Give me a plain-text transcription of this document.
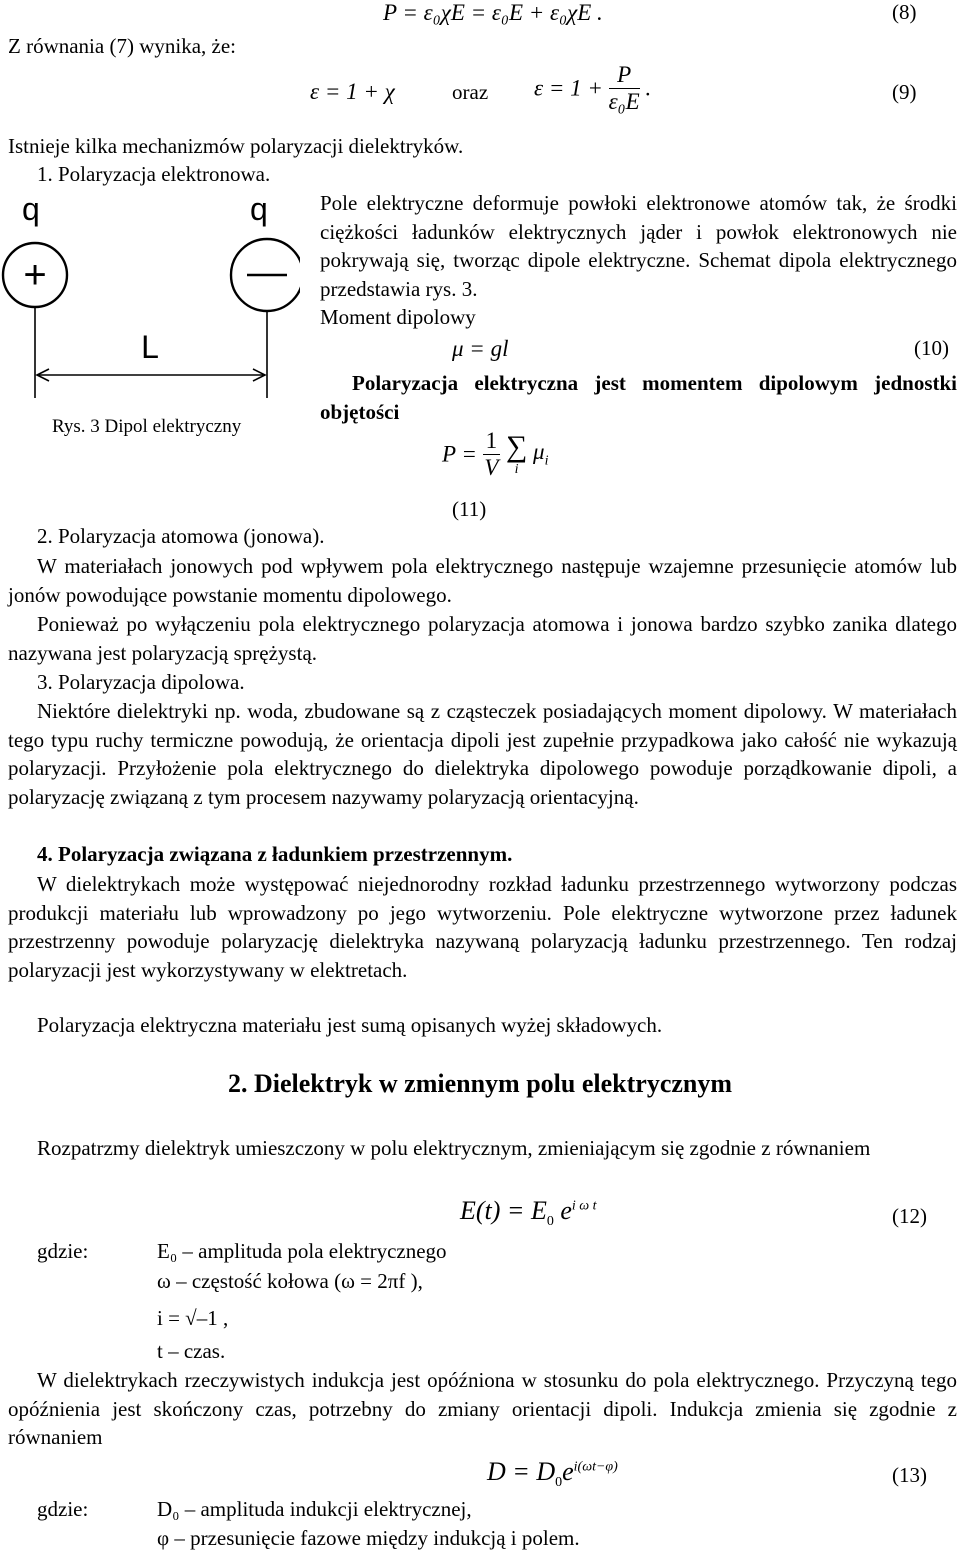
Z równania (7) wynika, że:
P = ε₀χE = ε₀E + ε₀χE .	(8)
ε = 1 + χ	oraz $\varepsilon = 1 + \frac{P}{\text{ε₀E}}$ .	(9)
Istnieje kilka mechanizmów polaryzacji dielektryków.
1. Polaryzacja elektronowa.
q	q
+
L
Rys. 3 Dipol elektryczny
Pole elektryczne deformuje powłoki elektronowe atomów tak, że środki ciężkości ładunków elektrycznych jąder i powłok elektronowych nie pokrywają się, tworząc dipole elektryczne. Schemat dipola elektrycznego przedstawia rys. 3.
Moment dipolowy
μ = gl	(10)
Polaryzacja elektryczna jest momentem dipolowym jednostki objętości
$P = \frac{1}{V}$
∑
i
$\mu_i$
(11)
2. Polaryzacja atomowa (jonowa).
W materiałach jonowych pod wpływem pola elektrycznego następuje wzajemne przesunięcie atomów lub jonów powodujące powstanie momentu dipolowego.
Ponieważ po wyłączeniu pola elektrycznego polaryzacja atomowa i jonowa bardzo szybko zanika dlatego nazywana jest polaryzacją sprężystą.
3. Polaryzacja dipolowa.
Niektóre dielektryki np. woda, zbudowane są z cząsteczek posiadających moment dipolowy. W materiałach tego typu ruchy termiczne powodują, że orientacja dipoli jest zupełnie przypadkowa jako całość nie wykazują polaryzacji. Przyłożenie pola elektrycznego do dielektryka dipolowego powoduje porządkowanie dipoli, a polaryzację związaną z tym procesem nazywamy polaryzacją orientacyjną.
4. Polaryzacja związana z ładunkiem przestrzennym.
W dielektrykach może występować niejednorodny rozkład ładunku przestrzennego wytworzony podczas produkcji materiału lub wprowadzony po jego wytworzeniu. Pole elektryczne wytworzone przez ładunek przestrzenny powoduje polaryzację dielektryka nazywaną polaryzacją ładunku przestrzennego. Ten rodzaj polaryzacji jest wykorzystywany w elektretach.
Polaryzacja elektryczna materiału jest sumą opisanych wyżej składowych.
2. Dielektryk w zmiennym polu elektrycznym
Rozpatrzmy dielektryk umieszczony w polu elektrycznym, zmieniającym się zgodnie z równaniem
$E(t) = E_0$ $e^{i \omega t}$	(12)
gdzie:	E₀ – amplituda pola elektrycznego
ω – częstość kołowa (ω = 2πf ),
i = √–1 ,
t – czas.
W dielektrykach rzeczywistych indukcja jest opóźniona w stosunku do pola elektrycznego. Przyczyną tego opóźnienia jest skończony czas, potrzebny do zmiany orientacji dipoli. Indukcja zmienia się zgodnie z równaniem
$D = D_0e^{i(\omega t-\varphi)}$	(13)
gdzie:	D₀ – amplituda indukcji elektrycznej,
φ – przesunięcie fazowe między indukcją i polem.
